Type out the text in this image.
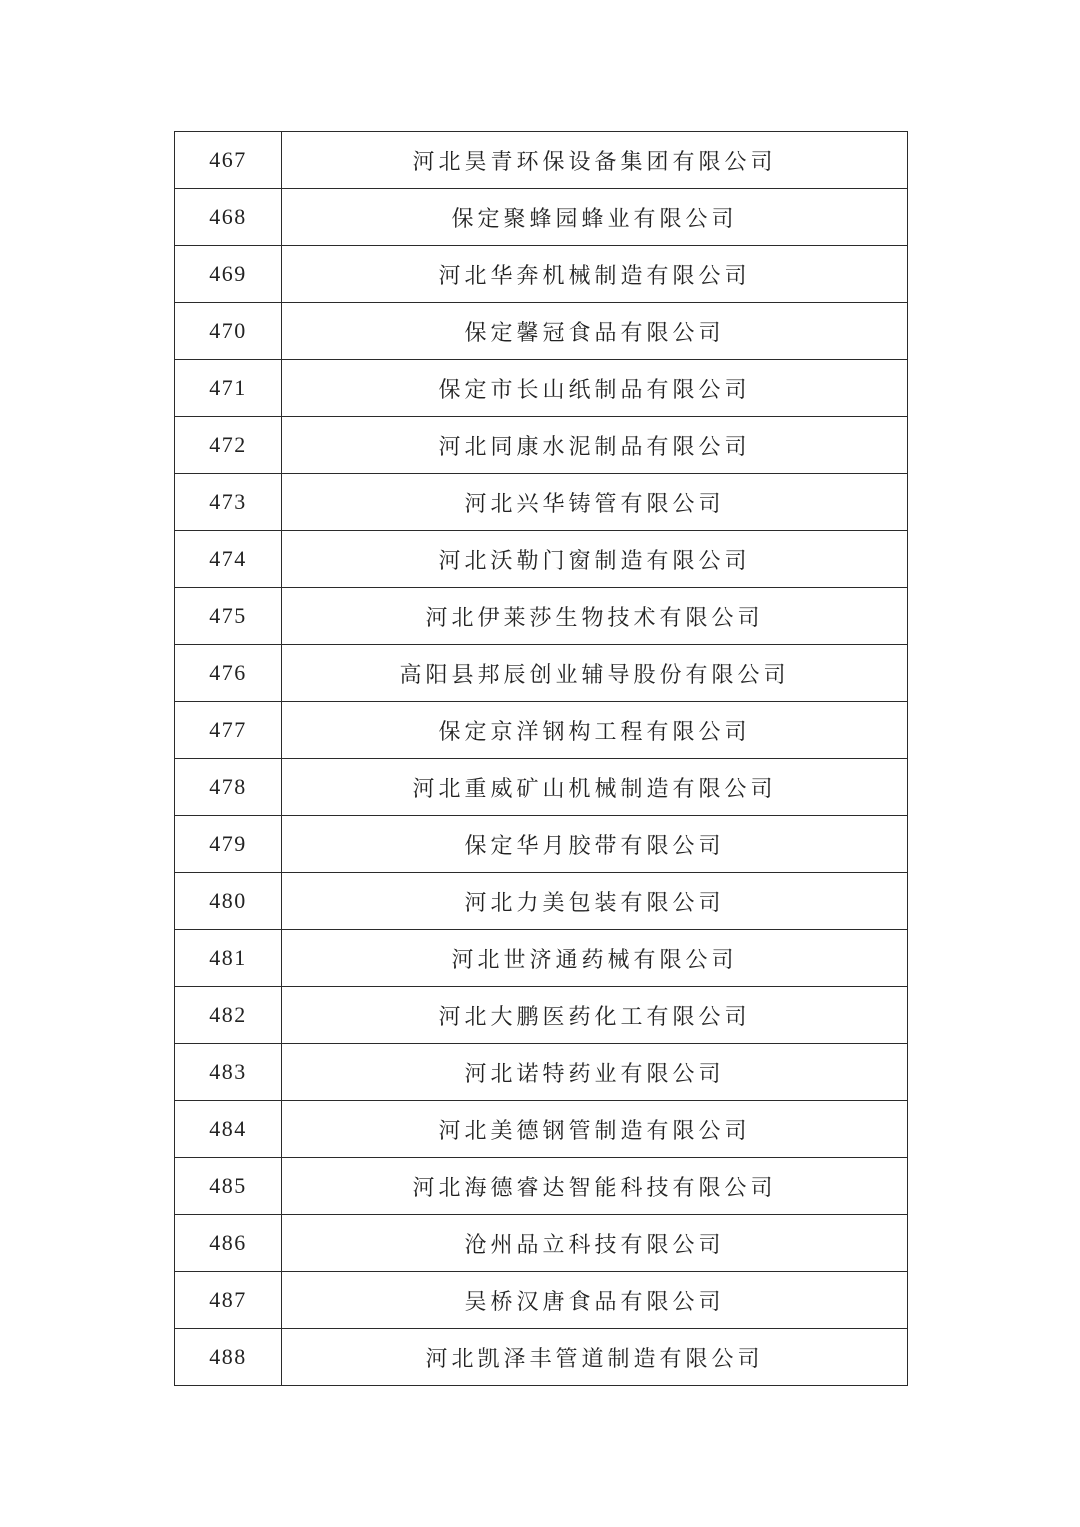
467	河北昊青环保设备集团有限公司
468	保定聚蜂园蜂业有限公司
469	河北华奔机械制造有限公司
470	保定馨冠食品有限公司
471	保定市长山纸制品有限公司
472	河北同康水泥制品有限公司
473	河北兴华铸管有限公司
474	河北沃勒门窗制造有限公司
475	河北伊莱莎生物技术有限公司
476	高阳县邦辰创业辅导股份有限公司
477	保定京洋钢构工程有限公司
478	河北重威矿山机械制造有限公司
479	保定华月胶带有限公司
480	河北力美包装有限公司
481	河北世济通药械有限公司
482	河北大鹏医药化工有限公司
483	河北诺特药业有限公司
484	河北美德钢管制造有限公司
485	河北海德睿达智能科技有限公司
486	沧州品立科技有限公司
487	吴桥汉唐食品有限公司
488	河北凯泽丰管道制造有限公司
